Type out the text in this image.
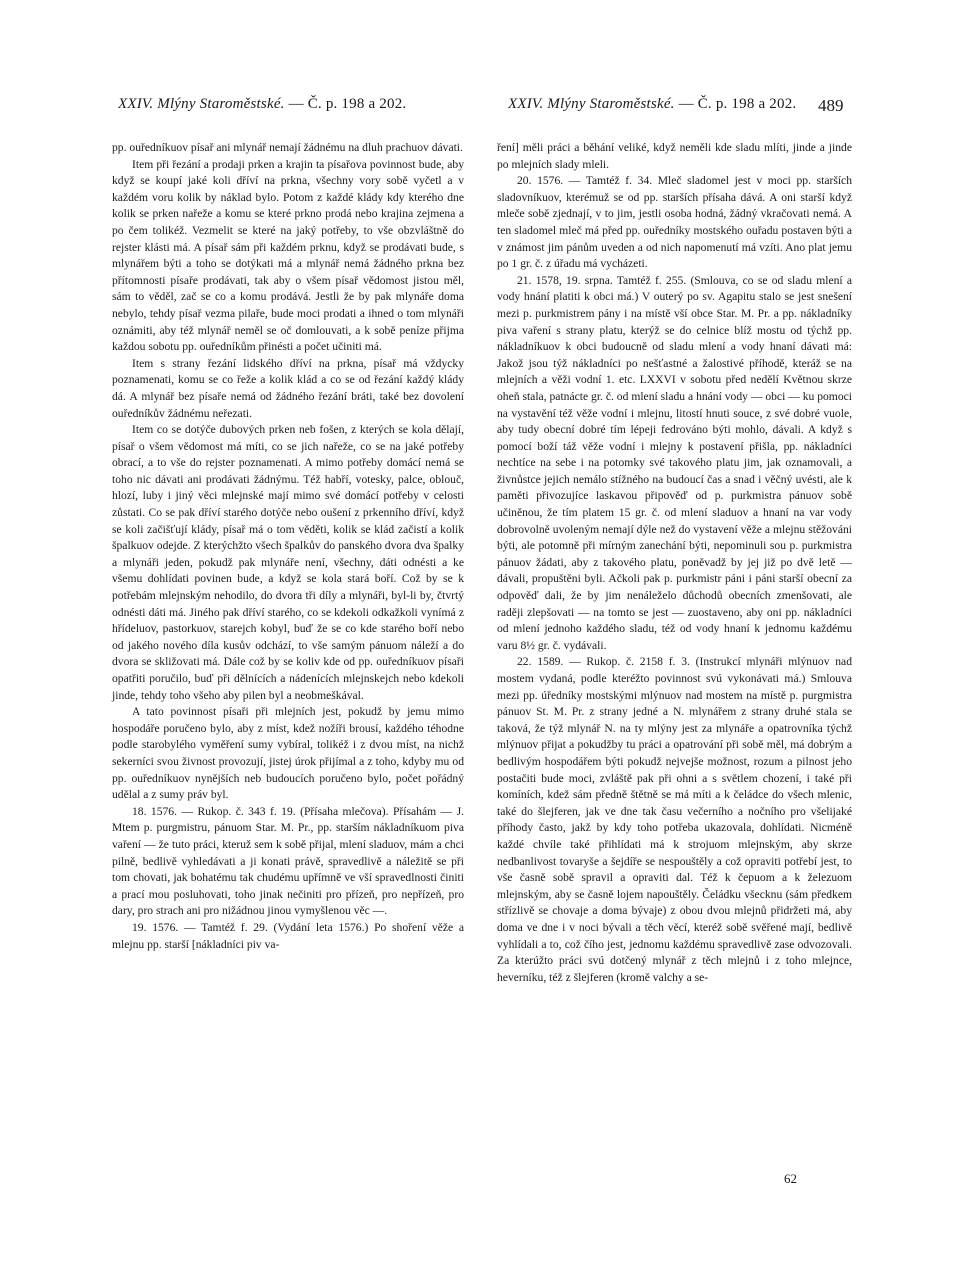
XXIV. Mlýny Staroměstské. — Č. p. 198 a 202.	XXIV. Mlýny Staroměstské. — Č. p. 198 a 202. 489

pp. ouředníkuov písař ani mlynář nemají žádnému na dluh prachuov dávati.

Item při řezání a prodaji prken a krajin ta písařova povinnost bude, aby když se koupí jaké koli dříví na prkna, všechny vory sobě vyčetl a v každém voru kolik by náklad bylo. Potom z každé klády kdy kterého dne kolik se prken nařeže a komu se které prkno prodá nebo krajina zejmena a po čem tolikéž. Vezmelit se které na jaký potřeby, to vše obzvláštně do rejster klásti má. A písař sám při každém prknu, když se prodávati bude, s mlynářem býti a toho se dotýkati má a mlynář nemá žádného prkna bez přítomnosti písaře prodávati, tak aby o všem písař vědomost jistou měl, sám to věděl, zač se co a komu prodává. Jestli že by pak mlynáře doma nebylo, tehdy písař vezma pilaře, bude moci prodati a ihned o tom mlynáři oznámiti, aby též mlynář neměl se oč domlouvati, a k sobě peníze přijma každou sobotu pp. ouředníkům přinésti a počet učiniti má.

Item s strany řezání lidského dříví na prkna, písař má vždycky poznamenati, komu se co řeže a kolik klád a co se od řezání každý klády dá. A mlynář bez písaře nemá od žádného řezání bráti, také bez dovolení ouředníkův žádnému neřezati.

Item co se dotýče dubových prken neb fošen, z kterých se kola dělají, písař o všem vědomost má míti, co se jich nařeže, co se na jaké potřeby obrací, a to vše do rejster poznamenati. A mimo potřeby domácí nemá se toho nic dávati ani prodávati žádnýmu. Též habří, votesky, palce, oblouč, hlozí, luby i jiný věci mlejnské mají mimo své domácí potřeby v celosti zůstati. Co se pak dříví starého dotýče nebo oušení z prkenního dříví, když se koli začišťují klády, písař má o tom věděti, kolik se klád začistí a kolik špalkuov odejde. Z kterýchžto všech špalkův do panského dvora dva špalky a mlynáři jeden, pokudž pak mlynáře není, všechny, dáti odnésti a ke všemu dohlídati povinen bude, a když se kola stará boří. Což by se k potřebám mlejnským nehodilo, do dvora tři díly a mlynáři, byl-li by, čtvrtý odnésti dáti má. Jiného pak dříví starého, co se kdekoli odkažkoli vynímá z hřídeluov, pastorkuov, starejch kobyl, buď že se co kde starého boří nebo od jakého nového díla kusův odchází, to vše samým pánuom náleží a do dvora se skližovati má. Dále což by se koliv kde od pp. ouředníkuov písaři opatřiti poručilo, buď při dělnících a nádenících mlejnskejch nebo kdekoli jinde, tehdy toho všeho aby pilen byl a neobmeškával.

A tato povinnost písaři při mlejních jest, pokudž by jemu mimo hospodáře poručeno bylo, aby z míst, kdež nožíři brousí, každého téhodne podle starobylého vyměření sumy vybíral, tolikéž i z dvou míst, na nichž sekerníci svou živnost provozují, jistej úrok přijímal a z toho, kdyby mu od pp. ouředníkuov nynějších neb budoucích poručeno bylo, počet pořádný udělal a z sumy práv byl.

18. 1576. — Rukop. č. 343 f. 19. (Přísaha mlečova). Přísahám — J. Mtem p. purgmistru, pánuom Star. M. Pr., pp. starším nákladníkuom piva vaření — že tuto práci, kteruž sem k sobě přijal, mlení sladuov, mám a chci pilně, bedlivě vyhledávati a ji konati právě, spravedlivě a náležitě se při tom chovati, jak bohatému tak chudému upřímně ve vší spravedlnosti činiti a prací mou posluhovati, toho jinak nečiniti pro přízeň, pro nepřízeň, pro dary, pro strach ani pro nižádnou jinou vymyšlenou věc —.

19. 1576. — Tamtéž f. 29. (Vydání leta 1576.) Po shoření věže a mlejnu pp. starší [nákladníci piv va-

ření] měli práci a běhání veliké, když neměli kde sladu mlíti, jinde a jinde po mlejních slady mleli.

20. 1576. — Tamtéž f. 34. Mleč sladomel jest v moci pp. starších sladovníkuov, kterémuž se od pp. starších přísaha dává. A oni starší když mleče sobě zjednají, v to jim, jestli osoba hodná, žádný vkračovati nemá. A ten sladomel mleč má před pp. ouředníky mostského ouřadu postaven býti a v známost jim pánům uveden a od nich napomenutí má vzíti. Ano plat jemu po 1 gr. č. z úřadu má vycházeti.

21. 1578, 19. srpna. Tamtéž f. 255. (Smlouva, co se od sladu mlení a vody hnání platiti k obci má.) V outerý po sv. Agapitu stalo se jest snešení mezi p. purkmistrem pány i na místě vší obce Star. M. Pr. a pp. nákladníky piva vaření s strany platu, kterýž se do celnice blíž mostu od týchž pp. nákladníkuov k obci budoucně od sladu mlení a vody hnaní dávati má: Jakož jsou týž nákladníci po nešťastné a žalostivé příhodě, kteráž se na mlejních a věži vodní 1. etc. LXXVI v sobotu před nedělí Květnou skrze oheň stala, patnácte gr. č. od mlení sladu a hnání vody — obci — ku pomoci na vystavění též věže vodní i mlejnu, litostí hnuti souce, z své dobré vuole, aby tudy obecní dobré tím lépeji fedrováno býti mohlo, dávali. A když s pomocí boží táž věže vodní i mlejny k postavení přišla, pp. nákladníci nechtíce na sebe i na potomky své takového platu jim, jak oznamovali, a živnůstce jejich nemálo stížného na budoucí čas a snad i věčný uvésti, ale k paměti přivozujíce laskavou připověď od p. purkmistra pánuov sobě učiněnou, že tím platem 15 gr. č. od mlení sladuov a hnaní na var vody dobrovolně uvoleným nemají dýle než do vystavení věže a mlejnu stěžováni býti, ale potomně při mírným zanechání býti, nepominuli sou p. purkmistra pánuov žádati, aby z takového platu, poněvadž by jej již po dvě letě — dávali, propuštěni byli. Ačkoli pak p. purkmistr páni i páni starší obecní za odpověď dali, že by jim nenáleželo důchodů obecních zmenšovati, ale raději zlepšovati — na tomto se jest — zuostaveno, aby oni pp. nákladníci od mlení jednoho každého sladu, též od vody hnaní k jednomu každému varu 8½ gr. č. vydávali.

22. 1589. — Rukop. č. 2158 f. 3. (Instrukcí mlynáři mlýnuov nad mostem vydaná, podle kteréžto povinnost svú vykonávati má.) Smlouva mezi pp. úředníky mostskými mlýnuov nad mostem na místě p. purgmistra pánuov St. M. Pr. z strany jedné a N. mlynářem z strany druhé stala se taková, že týž mlynář N. na ty mlýny jest za mlynáře a opatrovníka týchž mlýnuov přijat a pokudžby tu práci a opatrování při sobě měl, má dobrým a bedlivým hospodářem býti pokudž nejvejše možnost, rozum a pilnost jeho postačiti bude moci, zvláště pak při ohni a s světlem chození, i také při komíních, kdež sám předně štětně se má míti a k čeládce do všech mlenic, také do šlejferen, jak ve dne tak času večerního a nočního pro všelijaké příhody často, jakž by kdy toho potřeba ukazovala, dohlídati. Nicméně každé chvíle také přihlídati má k strojuom mlejnským, aby skrze nedbanlivost tovaryše a šejdíře se nespouštěly a což opraviti potřebí jest, to vše časně sobě spravil a opraviti dal. Též k čepuom a k železuom mlejnským, aby se časně lojem napouštěly. Čeládku všecknu (sám předkem střízlivě se chovaje a doma bývaje) z obou dvou mlejnů přidržeti má, aby doma ve dne i v noci bývali a těch věcí, kteréž sobě svěřené mají, bedlivě vyhlídali a to, což čího jest, jednomu každému spravedlivě zase odvozovali. Za kterúžto práci svú dotčený mlynář z těch mlejnů i z toho mlejnce, heverníku, též z šlejferen (kromě valchy a se-

62
